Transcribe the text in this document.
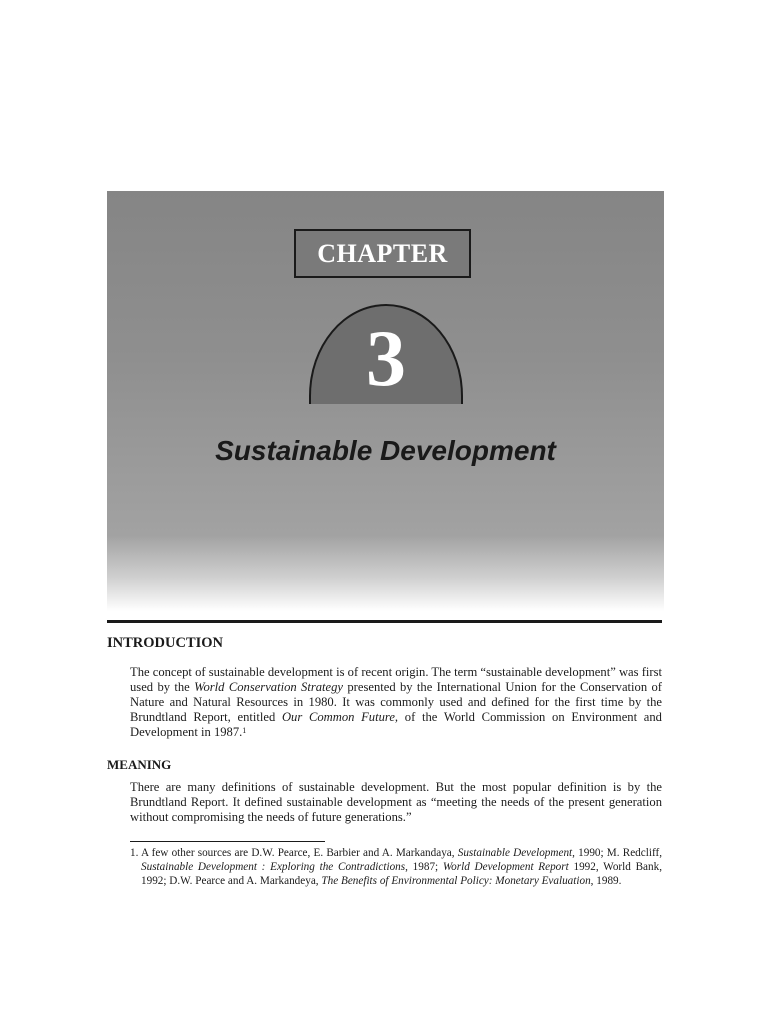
CHAPTER
3
Sustainable Development
INTRODUCTION

The concept of sustainable development is of recent origin. The term “sustainable development” was first used by the World Conservation Strategy presented by the International Union for the Conservation of Nature and Natural Resources in 1980. It was commonly used and defined for the first time by the Brundtland Report, entitled Our Common Future, of the World Commission on Environment and Development in 1987.$^1$

MEANING

There are many definitions of sustainable development. But the most popular definition is by the Brundtland Report. It defined sustainable development as “meeting the needs of the present generation without compromising the needs of future generations.”

1. A few other sources are D.W. Pearce, E. Barbier and A. Markandaya, Sustainable Development, 1990; M. Redcliff, Sustainable Development : Exploring the Contradictions, 1987; World Development Report 1992, World Bank, 1992; D.W. Pearce and A. Markandeya, The Benefits of Environmental Policy: Monetary Evaluation, 1989.
